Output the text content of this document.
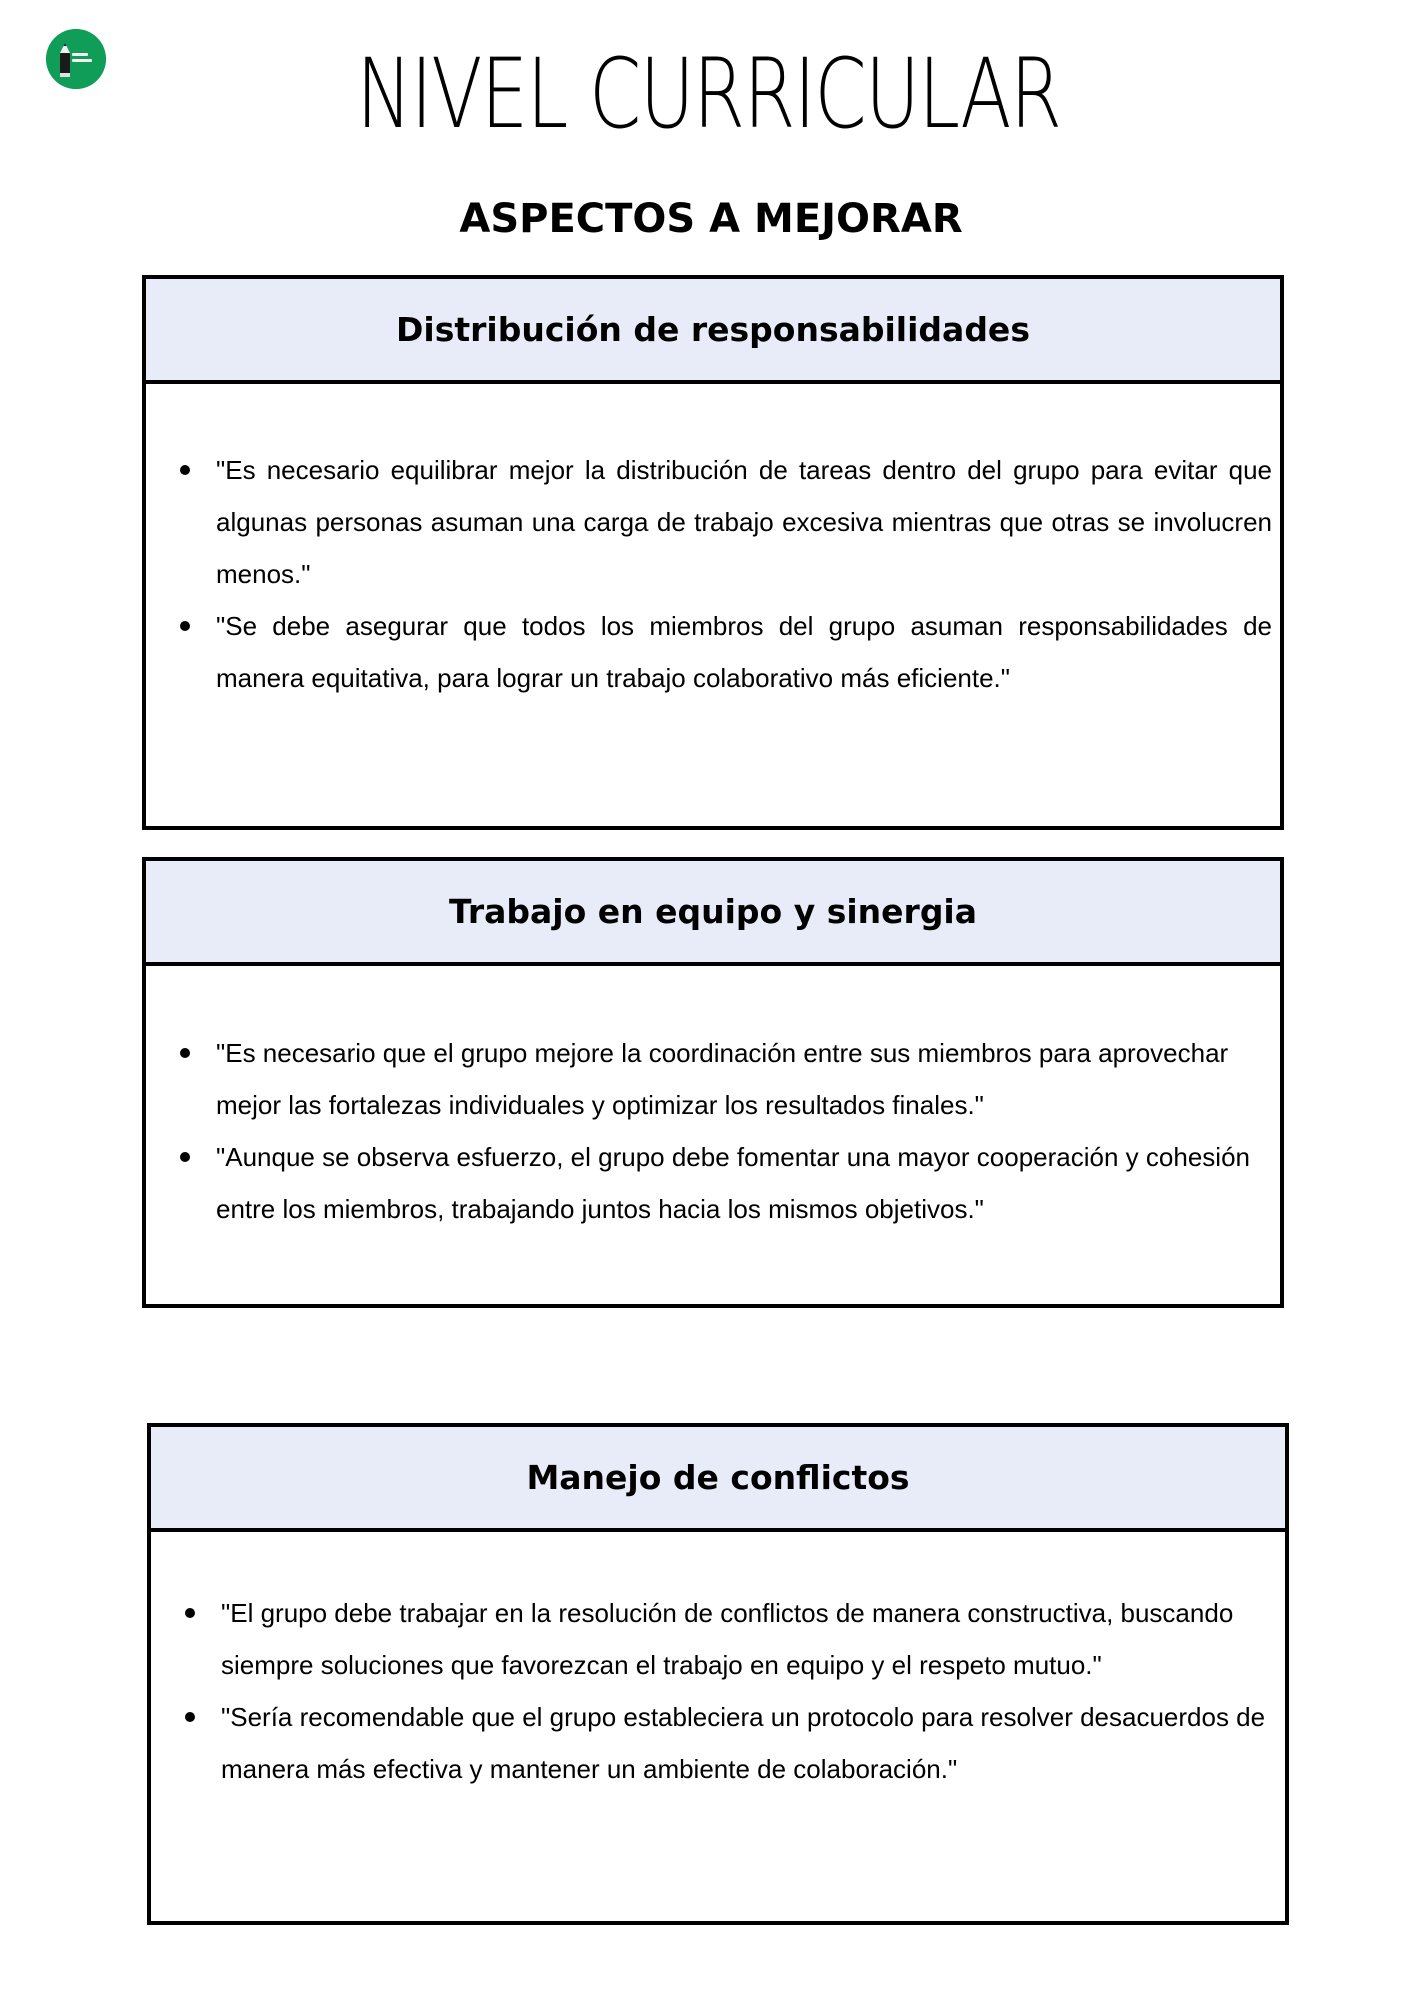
NIVEL CURRICULAR
ASPECTOS A MEJORAR
Distribución de responsabilidades
"Es necesario equilibrar mejor la distribución de tareas dentro del grupo para evitar que algunas personas asuman una carga de trabajo excesiva mientras que otras se involucren menos."
"Se debe asegurar que todos los miembros del grupo asuman responsabilidades de manera equitativa, para lograr un trabajo colaborativo más eficiente."
Trabajo en equipo y sinergia
"Es necesario que el grupo mejore la coordinación entre sus miembros para aprovechar mejor las fortalezas individuales y optimizar los resultados finales."
"Aunque se observa esfuerzo, el grupo debe fomentar una mayor cooperación y cohesión entre los miembros, trabajando juntos hacia los mismos objetivos."
Manejo de conflictos
"El grupo debe trabajar en la resolución de conflictos de manera constructiva, buscando siempre soluciones que favorezcan el trabajo en equipo y el respeto mutuo."
"Sería recomendable que el grupo estableciera un protocolo para resolver desacuerdos de manera más efectiva y mantener un ambiente de colaboración."
